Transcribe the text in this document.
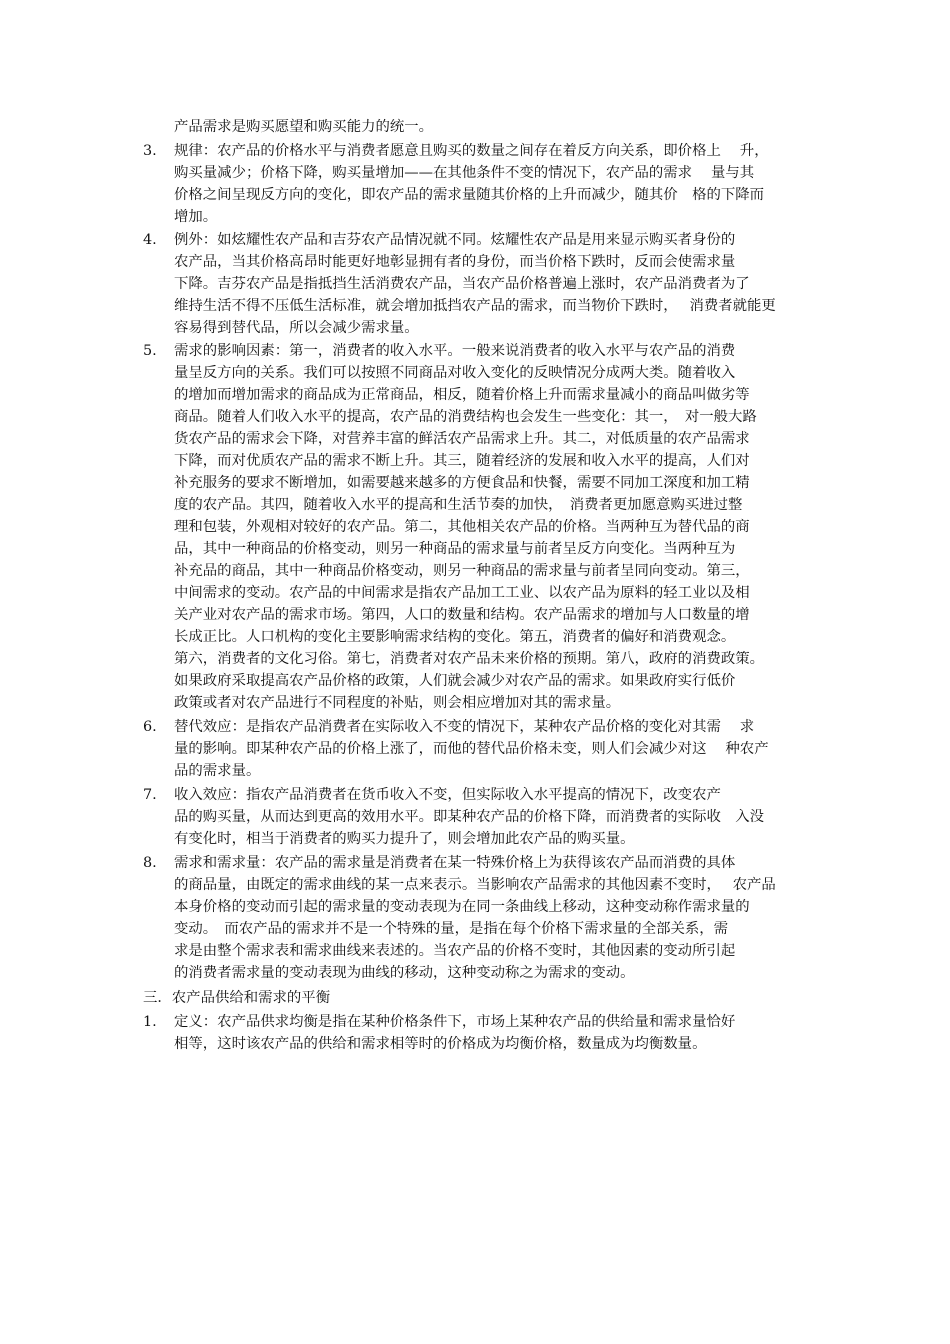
产品需求是购买愿望和购买能力的统一。
3. 规律：农产品的价格水平与消费者愿意且购买的数量之间存在着反方向关系，即价格上　 升，
购买量减少；价格下降，购买量增加——在其他条件不变的情况下，农产品的需求　 量与其
价格之间呈现反方向的变化，即农产品的需求量随其价格的上升而减少，随其价　格的下降而
增加。
4. 例外：如炫耀性农产品和吉芬农产品情况就不同。炫耀性农产品是用来显示购买者身份的
农产品，当其价格高昂时能更好地彰显拥有者的身份，而当价格下跌时，反而会使需求量
下降。吉芬农产品是指抵挡生活消费农产品，当农产品价格普遍上涨时，农产品消费者为了
维持生活不得不压低生活标准，就会增加抵挡农产品的需求，而当物价下跌时，　 消费者就能更
容易得到替代品，所以会减少需求量。
5. 需求的影响因素：第一，消费者的收入水平。一般来说消费者的收入水平与农产品的消费
量呈反方向的关系。我们可以按照不同商品对收入变化的反映情况分成两大类。随着收入
的增加而增加需求的商品成为正常商品，相反，随着价格上升而需求量减小的商品叫做劣等
商品。随着人们收入水平的提高，农产品的消费结构也会发生一些变化：其一，　对一般大路
货农产品的需求会下降，对营养丰富的鲜活农产品需求上升。其二，对低质量的农产品需求
下降，而对优质农产品的需求不断上升。其三，随着经济的发展和收入水平的提高，人们对
补充服务的要求不断增加，如需要越来越多的方便食品和快餐，需要不同加工深度和加工精
度的农产品。其四，随着收入水平的提高和生活节奏的加快，　消费者更加愿意购买进过整
理和包装，外观相对较好的农产品。第二，其他相关农产品的价格。当两种互为替代品的商
品，其中一种商品的价格变动，则另一种商品的需求量与前者呈反方向变化。当两种互为
补充品的商品，其中一种商品价格变动，则另一种商品的需求量与前者呈同向变动。第三，
中间需求的变动。农产品的中间需求是指农产品加工工业、以农产品为原料的轻工业以及相
关产业对农产品的需求市场。第四，人口的数量和结构。农产品需求的增加与人口数量的增
长成正比。人口机构的变化主要影响需求结构的变化。第五，消费者的偏好和消费观念。
第六，消费者的文化习俗。第七，消费者对农产品未来价格的预期。第八，政府的消费政策。
如果政府采取提高农产品价格的政策，人们就会减少对农产品的需求。如果政府实行低价
政策或者对农产品进行不同程度的补贴，则会相应增加对其的需求量。
6. 替代效应：是指农产品消费者在实际收入不变的情况下，某种农产品价格的变化对其需　 求
量的影响。即某种农产品的价格上涨了，而他的替代品价格未变，则人们会减少对这　 种农产
品的需求量。
7. 收入效应：指农产品消费者在货币收入不变，但实际收入水平提高的情况下，改变农产
品的购买量，从而达到更高的效用水平。即某种农产品的价格下降，而消费者的实际收　入没
有变化时，相当于消费者的购买力提升了，则会增加此农产品的购买量。
8. 需求和需求量：农产品的需求量是消费者在某一特殊价格上为获得该农产品而消费的具体
的商品量，由既定的需求曲线的某一点来表示。当影响农产品需求的其他因素不变时，　 农产品
本身价格的变动而引起的需求量的变动表现为在同一条曲线上移动，这种变动称作需求量的
变动。　而农产品的需求并不是一个特殊的量，是指在每个价格下需求量的全部关系，需
求是由整个需求表和需求曲线来表述的。当农产品的价格不变时，其他因素的变动所引起
的消费者需求量的变动表现为曲线的移动，这种变动称之为需求的变动。
三．农产品供给和需求的平衡
1. 定义：农产品供求均衡是指在某种价格条件下，市场上某种农产品的供给量和需求量恰好
相等，这时该农产品的供给和需求相等时的价格成为均衡价格，数量成为均衡数量。
